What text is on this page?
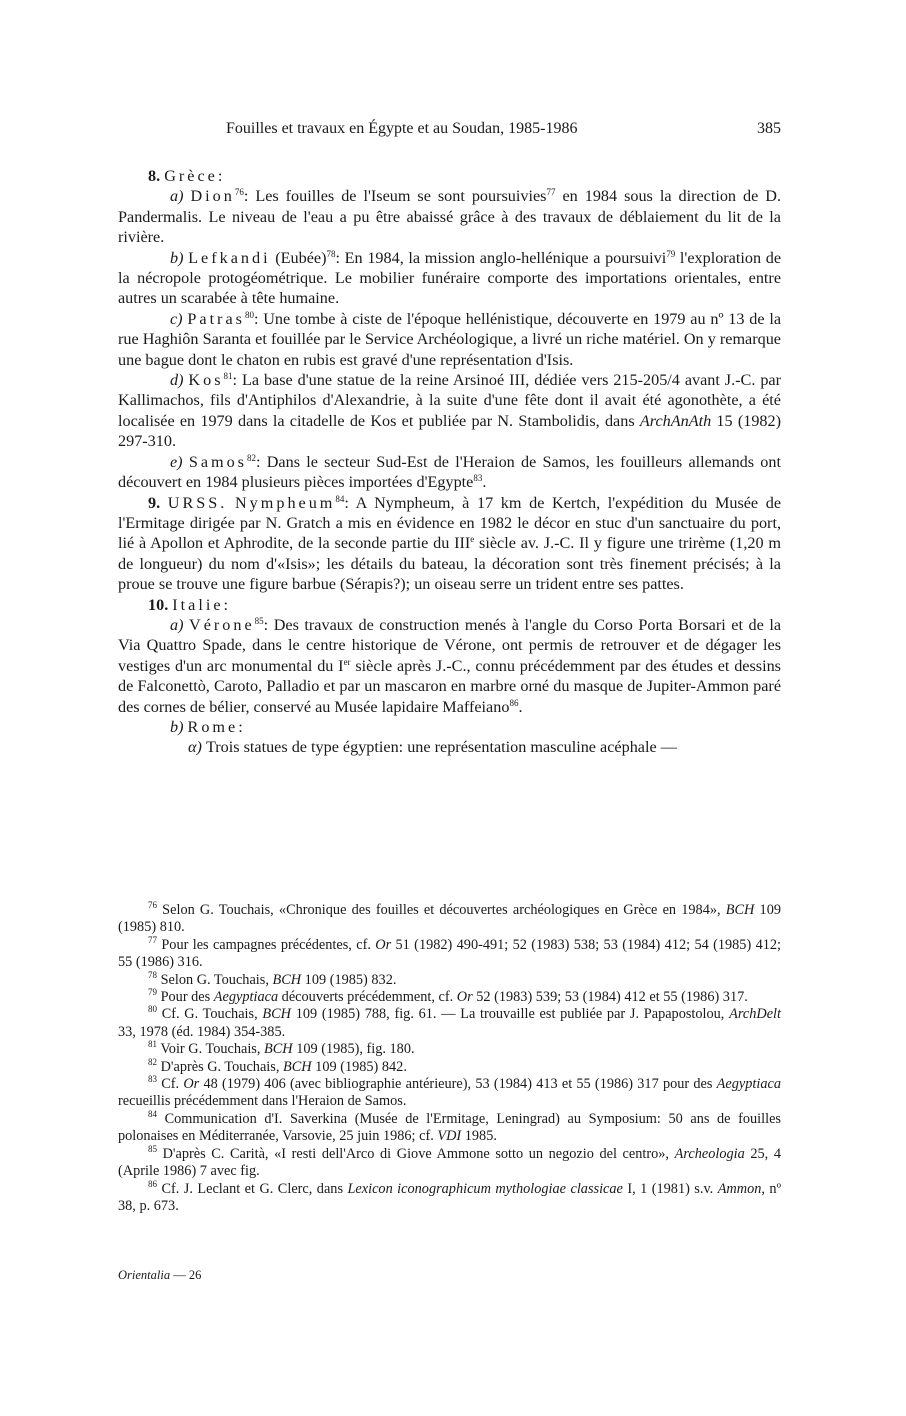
Fouilles et travaux en Égypte et au Soudan, 1985-1986	385

8. Grèce:

a) Dion$^{76}$: Les fouilles de l'Iseum se sont poursuivies$^{77}$ en 1984 sous la direction de D. Pandermalis. Le niveau de l'eau a pu être abaissé grâce à des travaux de déblaiement du lit de la rivière.

b) Lefkandi (Eubée)$^{78}$: En 1984, la mission anglo-hellénique a poursuivi$^{79}$ l'exploration de la nécropole protogéométrique. Le mobilier funéraire comporte des importations orientales, entre autres un scarabée à tête humaine.

c) Patras$^{80}$: Une tombe à ciste de l'époque hellénistique, découverte en 1979 au nº 13 de la rue Haghiôn Saranta et fouillée par le Service Archéologique, a livré un riche matériel. On y remarque une bague dont le chaton en rubis est gravé d'une représentation d'Isis.

d) Kos$^{81}$: La base d'une statue de la reine Arsinoé III, dédiée vers 215-205/4 avant J.-C. par Kallimachos, fils d'Antiphilos d'Alexandrie, à la suite d'une fête dont il avait été agonothète, a été localisée en 1979 dans la citadelle de Kos et publiée par N. Stambolidis, dans ArchAnAth 15 (1982) 297-310.

e) Samos$^{82}$: Dans le secteur Sud-Est de l'Heraion de Samos, les fouilleurs allemands ont découvert en 1984 plusieurs pièces importées d'Egypte$^{83}$.

9. URSS. Nympheum$^{84}$: A Nympheum, à 17 km de Kertch, l'expédition du Musée de l'Ermitage dirigée par N. Gratch a mis en évidence en 1982 le décor en stuc d'un sanctuaire du port, lié à Apollon et Aphrodite, de la seconde partie du IIIe siècle av. J.-C. Il y figure une trirème (1,20 m de longueur) du nom d'«Isis»; les détails du bateau, la décoration sont très finement précisés; à la proue se trouve une figure barbue (Sérapis?); un oiseau serre un trident entre ses pattes.

10. Italie:

a) Vérone$^{85}$: Des travaux de construction menés à l'angle du Corso Porta Borsari et de la Via Quattro Spade, dans le centre historique de Vérone, ont permis de retrouver et de dégager les vestiges d'un arc monumental du Ier siècle après J.-C., connu précédemment par des études et dessins de Falconettò, Caroto, Palladio et par un mascaron en marbre orné du masque de Jupiter-Ammon paré des cornes de bélier, conservé au Musée lapidaire Maffeiano$^{86}$.

b) Rome:

α) Trois statues de type égyptien: une représentation masculine acéphale —

$^{76}$ Selon G. Touchais, «Chronique des fouilles et découvertes archéologiques en Grèce en 1984», BCH 109 (1985) 810.

$^{77}$ Pour les campagnes précédentes, cf. Or 51 (1982) 490-491; 52 (1983) 538; 53 (1984) 412; 54 (1985) 412; 55 (1986) 316.

$^{78}$ Selon G. Touchais, BCH 109 (1985) 832.

$^{79}$ Pour des Aegyptiaca découverts précédemment, cf. Or 52 (1983) 539; 53 (1984) 412 et 55 (1986) 317.

$^{80}$ Cf. G. Touchais, BCH 109 (1985) 788, fig. 61. — La trouvaille est publiée par J. Papapostolou, ArchDelt 33, 1978 (éd. 1984) 354-385.

$^{81}$ Voir G. Touchais, BCH 109 (1985), fig. 180.

$^{82}$ D'après G. Touchais, BCH 109 (1985) 842.

$^{83}$ Cf. Or 48 (1979) 406 (avec bibliographie antérieure), 53 (1984) 413 et 55 (1986) 317 pour des Aegyptiaca recueillis précédemment dans l'Heraion de Samos.

$^{84}$ Communication d'I. Saverkina (Musée de l'Ermitage, Leningrad) au Symposium: 50 ans de fouilles polonaises en Méditerranée, Varsovie, 25 juin 1986; cf. VDI 1985.

$^{85}$ D'après C. Carità, «I resti dell'Arco di Giove Ammone sotto un negozio del centro», Archeologia 25, 4 (Aprile 1986) 7 avec fig.

$^{86}$ Cf. J. Leclant et G. Clerc, dans Lexicon iconographicum mythologiae classicae I, 1 (1981) s.v. Ammon, nº 38, p. 673.

Orientalia — 26
